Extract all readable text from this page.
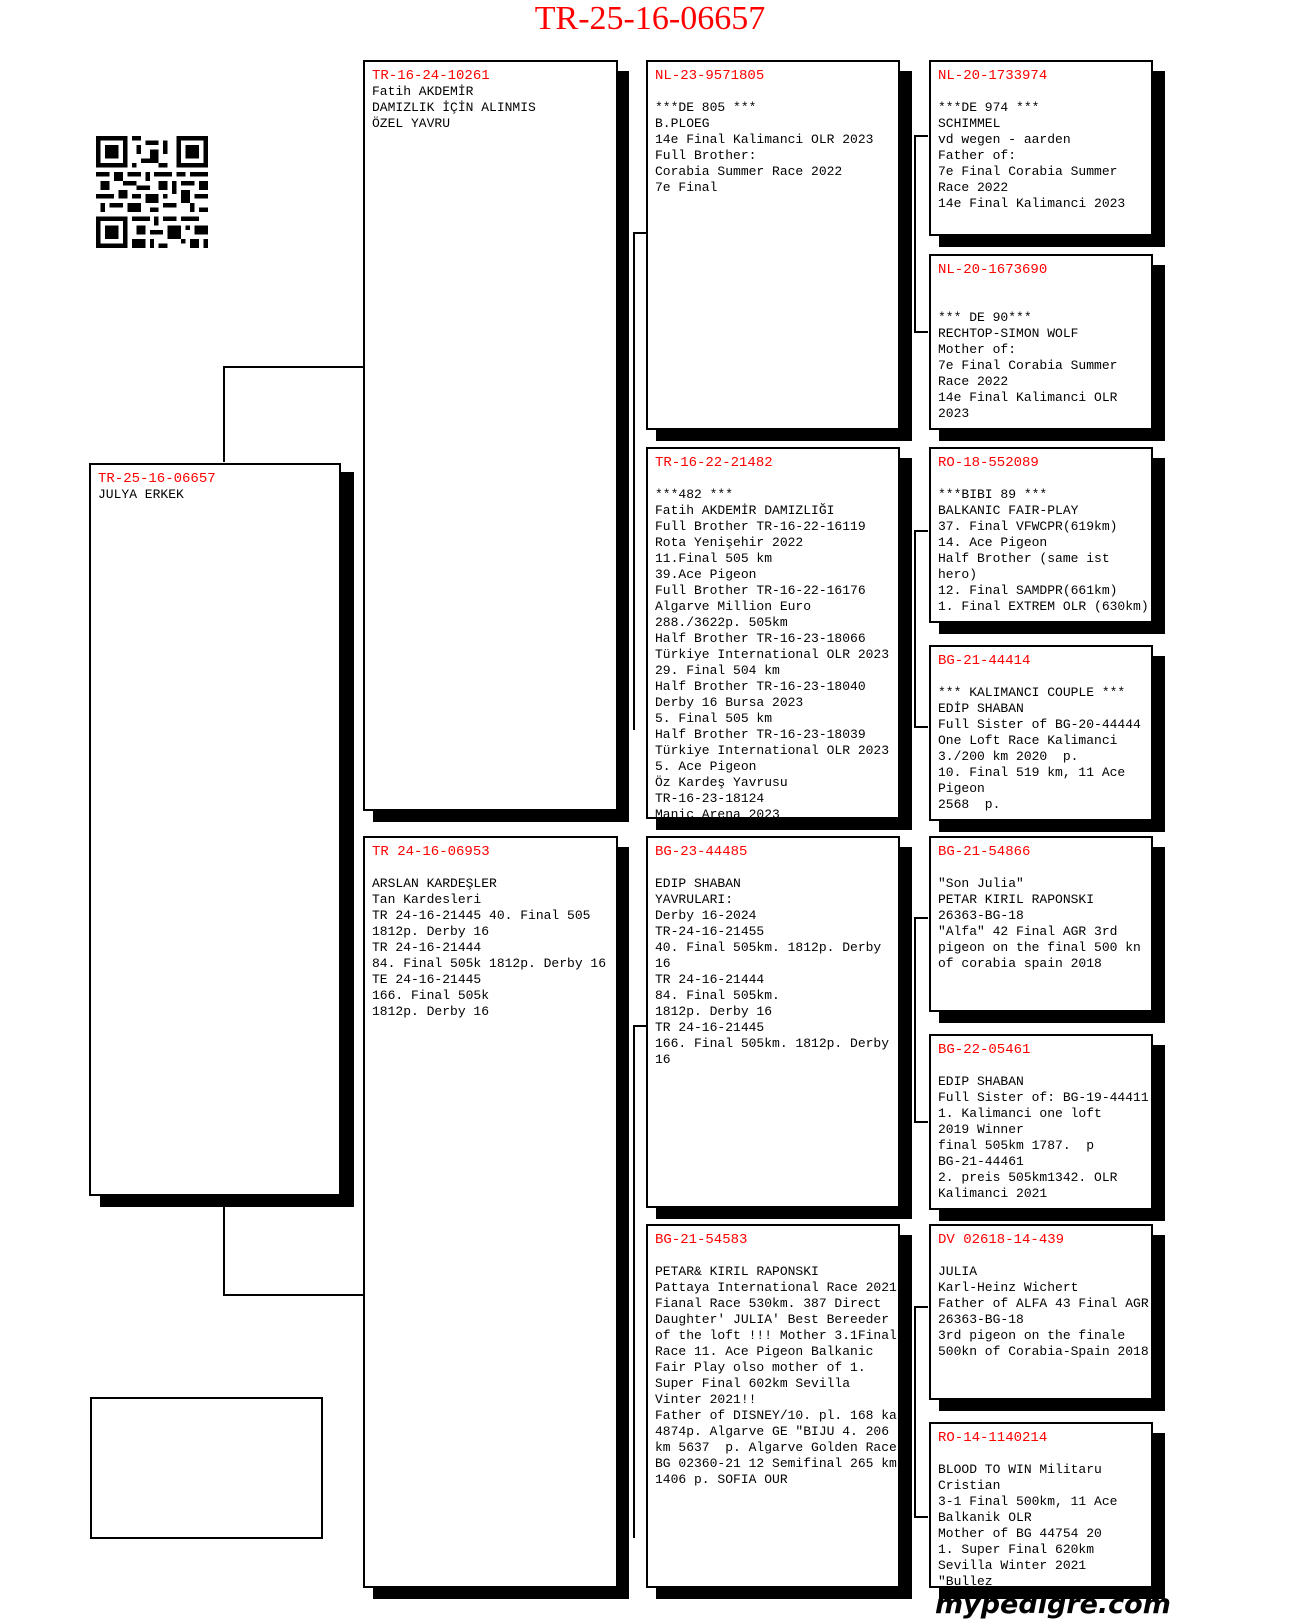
TR-25-16-06657
TR-25-16-06657
JULYA ERKEK
TR-16-24-10261
Fatih AKDEMİR
DAMIZLIK İÇİN ALINMIS
ÖZEL YAVRU
TR 24-16-06953
ARSLAN KARDEŞLER
Tan Kardesleri
TR 24-16-21445 40. Final 505
1812p. Derby 16
TR 24-16-21444
84. Final 505k 1812p. Derby 16
TE 24-16-21445
166. Final 505k
1812p. Derby 16
NL-23-9571805
***DE 805 ***
B.PLOEG
14e Final Kalimanci OLR 2023
Full Brother:
Corabia Summer Race 2022
7e Final
TR-16-22-21482
***482 ***
Fatih AKDEMİR DAMIZLIĞI
Full Brother TR-16-22-16119
Rota Yenişehir 2022
11.Final 505 km
39.Ace Pigeon
Full Brother TR-16-22-16176
Algarve Million Euro
288./3622p. 505km
Half Brother TR-16-23-18066
Türkiye International OLR 2023
29. Final 504 km
Half Brother TR-16-23-18040
Derby 16 Bursa 2023
5. Final 505 km
Half Brother TR-16-23-18039
Türkiye International OLR 2023
5. Ace Pigeon
Öz Kardeş Yavrusu
TR-16-23-18124
Manic Arena 2023
BG-23-44485
EDIP SHABAN
YAVRULARI:
Derby 16-2024
TR-24-16-21455
40. Final 505km. 1812p. Derby
16
TR 24-16-21444
84. Final 505km.
1812p. Derby 16
TR 24-16-21445
166. Final 505km. 1812p. Derby
16
BG-21-54583
PETAR& KIRIL RAPONSKI
Pattaya International Race 2021
Fianal Race 530km. 387 Direct
Daughter' JULIA' Best Bereeder
of the loft !!! Mother 3.1Final
Race 11. Ace Pigeon Balkanic
Fair Play olso mother of 1.
Super Final 602km Sevilla
Vinter 2021!!
Father of DISNEY/10. pl. 168 ka
4874p. Algarve GE "BIJU 4. 206
km 5637  p. Algarve Golden Race
BG 02360-21 12 Semifinal 265 km
1406 p. SOFIA OUR
NL-20-1733974
***DE 974 ***
SCHIMMEL
vd wegen - aarden
Father of:
7e Final Corabia Summer
Race 2022
14e Final Kalimanci 2023
NL-20-1673690
*** DE 90***
RECHTOP-SIMON WOLF
Mother of:
7e Final Corabia Summer
Race 2022
14e Final Kalimanci OLR
2023
RO-18-552089
***BIBI 89 ***
BALKANIC FAIR-PLAY
37. Final VFWCPR(619km)
14. Ace Pigeon
Half Brother (same ist
hero)
12. Final SAMDPR(661km)
1. Final EXTREM OLR (630km)
BG-21-44414
*** KALIMANCI COUPLE ***
EDİP SHABAN
Full Sister of BG-20-44444
One Loft Race Kalimanci
3./200 km 2020  p.
10. Final 519 km, 11 Ace
Pigeon
2568  p.
BG-21-54866
"Son Julia"
PETAR KIRIL RAPONSKI
26363-BG-18
"Alfa" 42 Final AGR 3rd
pigeon on the final 500 kn
of corabia spain 2018
BG-22-05461
EDIP SHABAN
Full Sister of: BG-19-44411
1. Kalimanci one loft
2019 Winner
final 505km 1787.  p
BG-21-44461
2. preis 505km1342. OLR
Kalimanci 2021
DV 02618-14-439
JULIA
Karl-Heinz Wichert
Father of ALFA 43 Final AGR
26363-BG-18
3rd pigeon on the finale
500kn of Corabia-Spain 2018
RO-14-1140214
BLOOD TO WIN Militaru
Cristian
3-1 Final 500km, 11 Ace
Balkanik OLR
Mother of BG 44754 20
1. Super Final 620km
Sevilla Winter 2021
"Bullez
mypedigre.com
